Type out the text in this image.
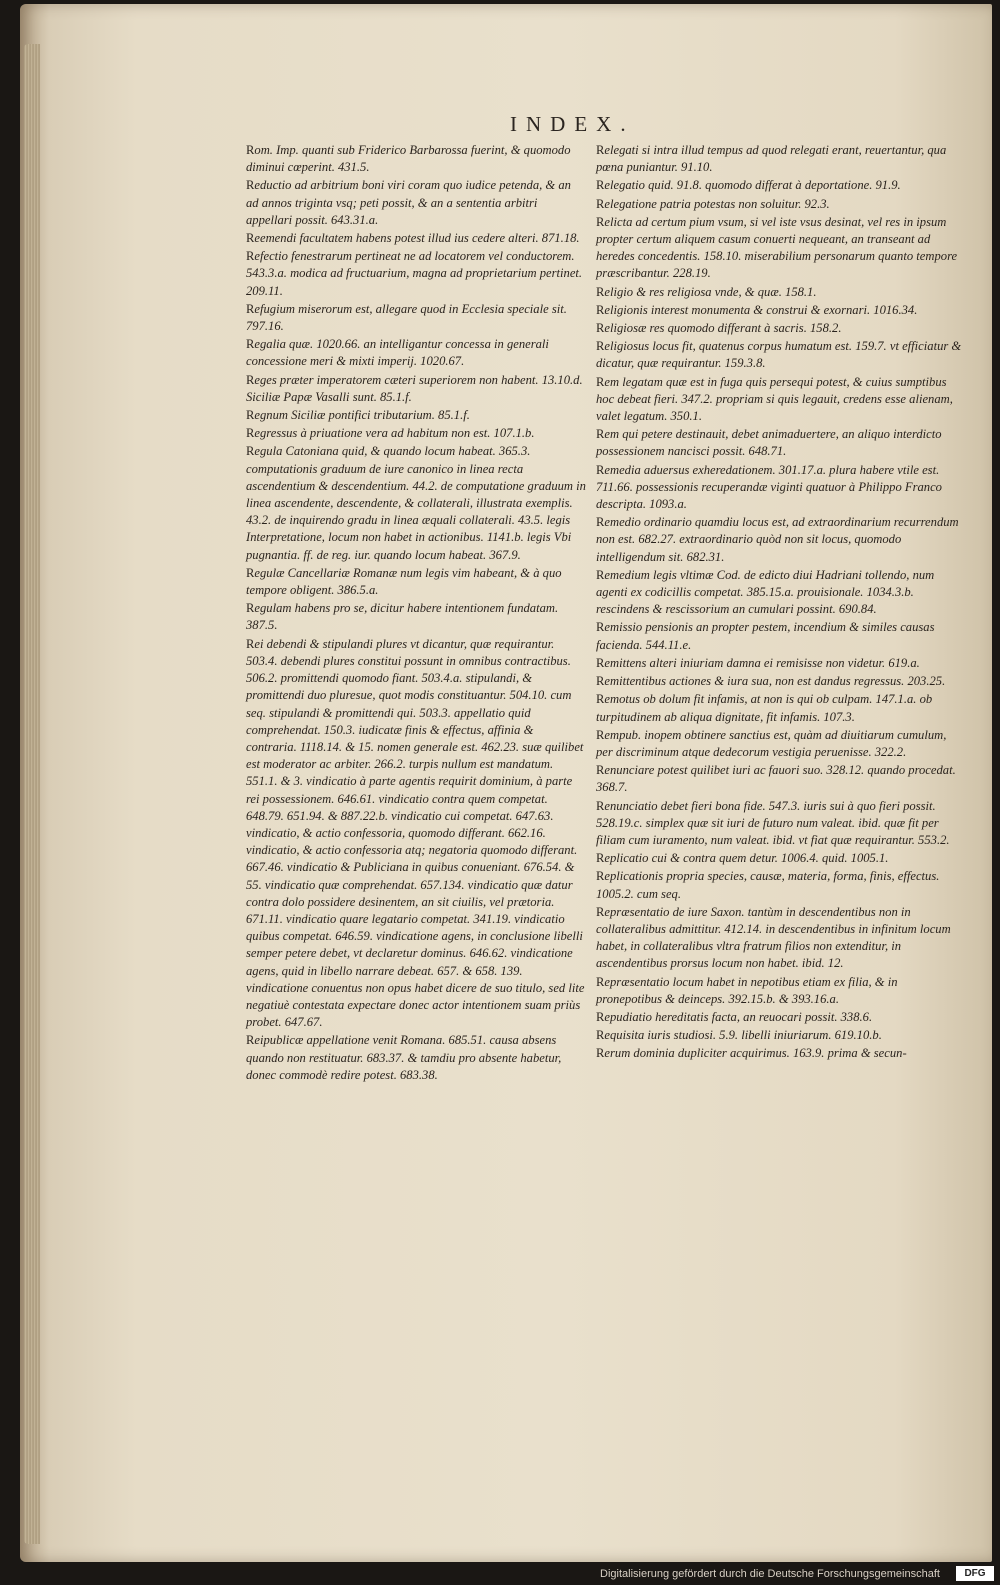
INDEX.

Rom. Imp. quanti sub Friderico Barbarossa fuerint, & quomodo diminui cœperint. 431.5.

Reductio ad arbitrium boni viri coram quo iudice petenda, & an ad annos triginta vsq; peti possit, & an a sententia arbitri appellari possit. 643.31.a.

Reemendi facultatem habens potest illud ius cedere alteri. 871.18.

Refectio fenestrarum pertineat ne ad locatorem vel conductorem. 543.3.a. modica ad fructuarium, magna ad proprietarium pertinet. 209.11.

Refugium miserorum est, allegare quod in Ecclesia speciale sit. 797.16.

Regalia quæ. 1020.66. an intelligantur concessa in generali concessione meri & mixti imperij. 1020.67.

Reges præter imperatorem cæteri superiorem non habent. 13.10.d. Siciliæ Papæ Vasalli sunt. 85.1.f.

Regnum Siciliæ pontifici tributarium. 85.1.f.

Regressus à priuatione vera ad habitum non est. 107.1.b.

Regula Catoniana quid, & quando locum habeat. 365.3. computationis graduum de iure canonico in linea recta ascendentium & descendentium. 44.2. de computatione graduum in linea ascendente, descendente, & collaterali, illustrata exemplis. 43.2. de inquirendo gradu in linea æquali collaterali. 43.5. legis Interpretatione, locum non habet in actionibus. 1141.b. legis Vbi pugnantia. ff. de reg. iur. quando locum habeat. 367.9.

Regulæ Cancellariæ Romanæ num legis vim habeant, & à quo tempore obligent. 386.5.a.

Regulam habens pro se, dicitur habere intentionem fundatam. 387.5.

Rei debendi & stipulandi plures vt dicantur, quæ requirantur. 503.4. debendi plures constitui possunt in omnibus contractibus. 506.2. promittendi quomodo fiant. 503.4.a. stipulandi, & promittendi duo pluresue, quot modis constituantur. 504.10. cum seq. stipulandi & promittendi qui. 503.3. appellatio quid comprehendat. 150.3. iudicatæ finis & effectus, affinia & contraria. 1118.14. & 15. nomen generale est. 462.23. suæ quilibet est moderator ac arbiter. 266.2. turpis nullum est mandatum. 551.1. & 3. vindicatio à parte agentis requirit dominium, à parte rei possessionem. 646.61. vindicatio contra quem competat. 648.79. 651.94. & 887.22.b. vindicatio cui competat. 647.63. vindicatio, & actio confessoria, quomodo differant. 662.16. vindicatio, & actio confessoria atq; negatoria quomodo differant. 667.46. vindicatio & Publiciana in quibus conueniant. 676.54. & 55. vindicatio quæ comprehendat. 657.134. vindicatio quæ datur contra dolo possidere desinentem, an sit ciuilis, vel prætoria. 671.11. vindicatio quare legatario competat. 341.19. vindicatio quibus competat. 646.59. vindicatione agens, in conclusione libelli semper petere debet, vt declaretur dominus. 646.62. vindicatione agens, quid in libello narrare debeat. 657. & 658. 139. vindicatione conuentus non opus habet dicere de suo titulo, sed lite negatiuè contestata expectare donec actor intentionem suam priùs probet. 647.67.

Reipublicæ appellatione venit Romana. 685.51. causa absens quando non restituatur. 683.37. & tamdiu pro absente habetur, donec commodè redire potest. 683.38.

Relegati si intra illud tempus ad quod relegati erant, reuertantur, qua pœna puniantur. 91.10.

Relegatio quid. 91.8. quomodo differat à deportatione. 91.9.

Relegatione patria potestas non soluitur. 92.3.

Relicta ad certum pium vsum, si vel iste vsus desinat, vel res in ipsum propter certum aliquem casum conuerti nequeant, an transeant ad heredes concedentis. 158.10. miserabilium personarum quanto tempore præscribantur. 228.19.

Religio & res religiosa vnde, & quæ. 158.1.

Religionis interest monumenta & construi & exornari. 1016.34.

Religiosæ res quomodo differant à sacris. 158.2.

Religiosus locus fit, quatenus corpus humatum est. 159.7. vt efficiatur & dicatur, quæ requirantur. 159.3.8.

Rem legatam quæ est in fuga quis persequi potest, & cuius sumptibus hoc debeat fieri. 347.2. propriam si quis legauit, credens esse alienam, valet legatum. 350.1.

Rem qui petere destinauit, debet animaduertere, an aliquo interdicto possessionem nancisci possit. 648.71.

Remedia aduersus exheredationem. 301.17.a. plura habere vtile est. 711.66. possessionis recuperandæ viginti quatuor à Philippo Franco descripta. 1093.a.

Remedio ordinario quamdiu locus est, ad extraordinarium recurrendum non est. 682.27. extraordinario quòd non sit locus, quomodo intelligendum sit. 682.31.

Remedium legis vltimæ Cod. de edicto diui Hadriani tollendo, num agenti ex codicillis competat. 385.15.a. prouisionale. 1034.3.b. rescindens & rescissorium an cumulari possint. 690.84.

Remissio pensionis an propter pestem, incendium & similes causas facienda. 544.11.e.

Remittens alteri iniuriam damna ei remisisse non videtur. 619.a.

Remittentibus actiones & iura sua, non est dandus regressus. 203.25.

Remotus ob dolum fit infamis, at non is qui ob culpam. 147.1.a. ob turpitudinem ab aliqua dignitate, fit infamis. 107.3.

Rempub. inopem obtinere sanctius est, quàm ad diuitiarum cumulum, per discriminum atque dedecorum vestigia peruenisse. 322.2.

Renunciare potest quilibet iuri ac fauori suo. 328.12. quando procedat. 368.7.

Renunciatio debet fieri bona fide. 547.3. iuris sui à quo fieri possit. 528.19.c. simplex quæ sit iuri de futuro num valeat. ibid. quæ fit per filiam cum iuramento, num valeat. ibid. vt fiat quæ requirantur. 553.2.

Replicatio cui & contra quem detur. 1006.4. quid. 1005.1.

Replicationis propria species, causæ, materia, forma, finis, effectus. 1005.2. cum seq.

Repræsentatio de iure Saxon. tantùm in descendentibus non in collateralibus admittitur. 412.14. in descendentibus in infinitum locum habet, in collateralibus vltra fratrum filios non extenditur, in ascendentibus prorsus locum non habet. ibid. 12.

Repræsentatio locum habet in nepotibus etiam ex filia, & in pronepotibus & deinceps. 392.15.b. & 393.16.a.

Repudiatio hereditatis facta, an reuocari possit. 338.6.

Requisita iuris studiosi. 5.9. libelli iniuriarum. 619.10.b.

Rerum dominia dupliciter acquirimus. 163.9. prima & secun-

Digitalisierung gefördert durch die Deutsche Forschungsgemeinschaft	DFG
